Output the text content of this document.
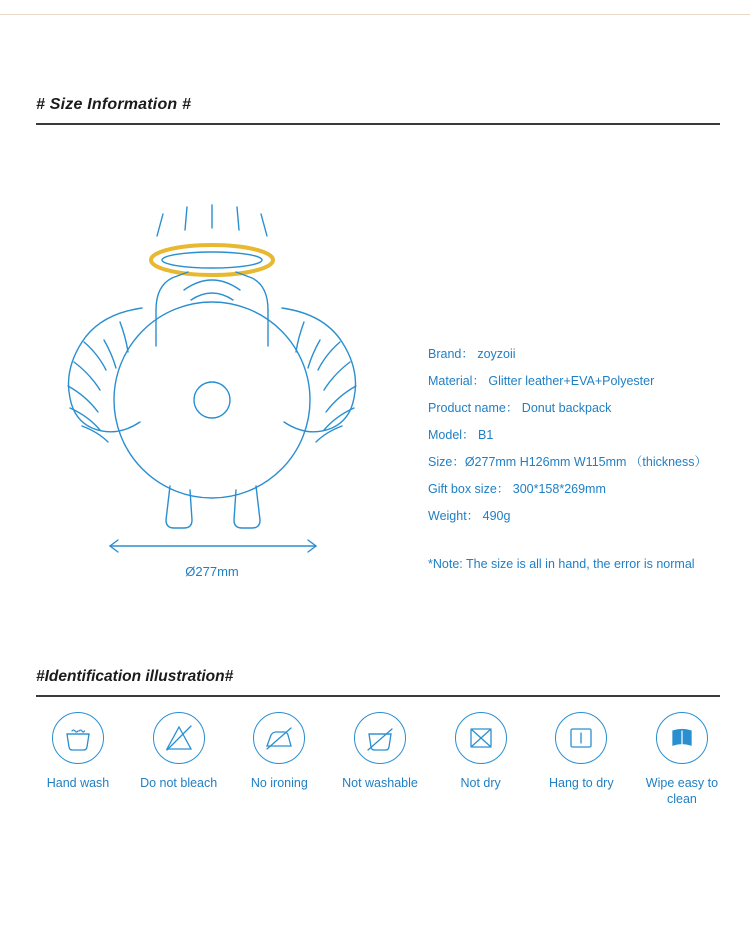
# Size Information #
Ø277mm
Brand： zoyzoii
Material： Glitter leather+EVA+Polyester
Product name： Donut backpack
Model： B1
Size：Ø277mm H126mm W115mm （thickness）
Gift box size： 300*158*269mm
Weight： 490g
*Note: The size is all in hand, the error is normal
#Identification illustration#
Hand wash	Do not bleach	No ironing	Not washable	Not dry	Hang to dry	Wipe easy to clean
